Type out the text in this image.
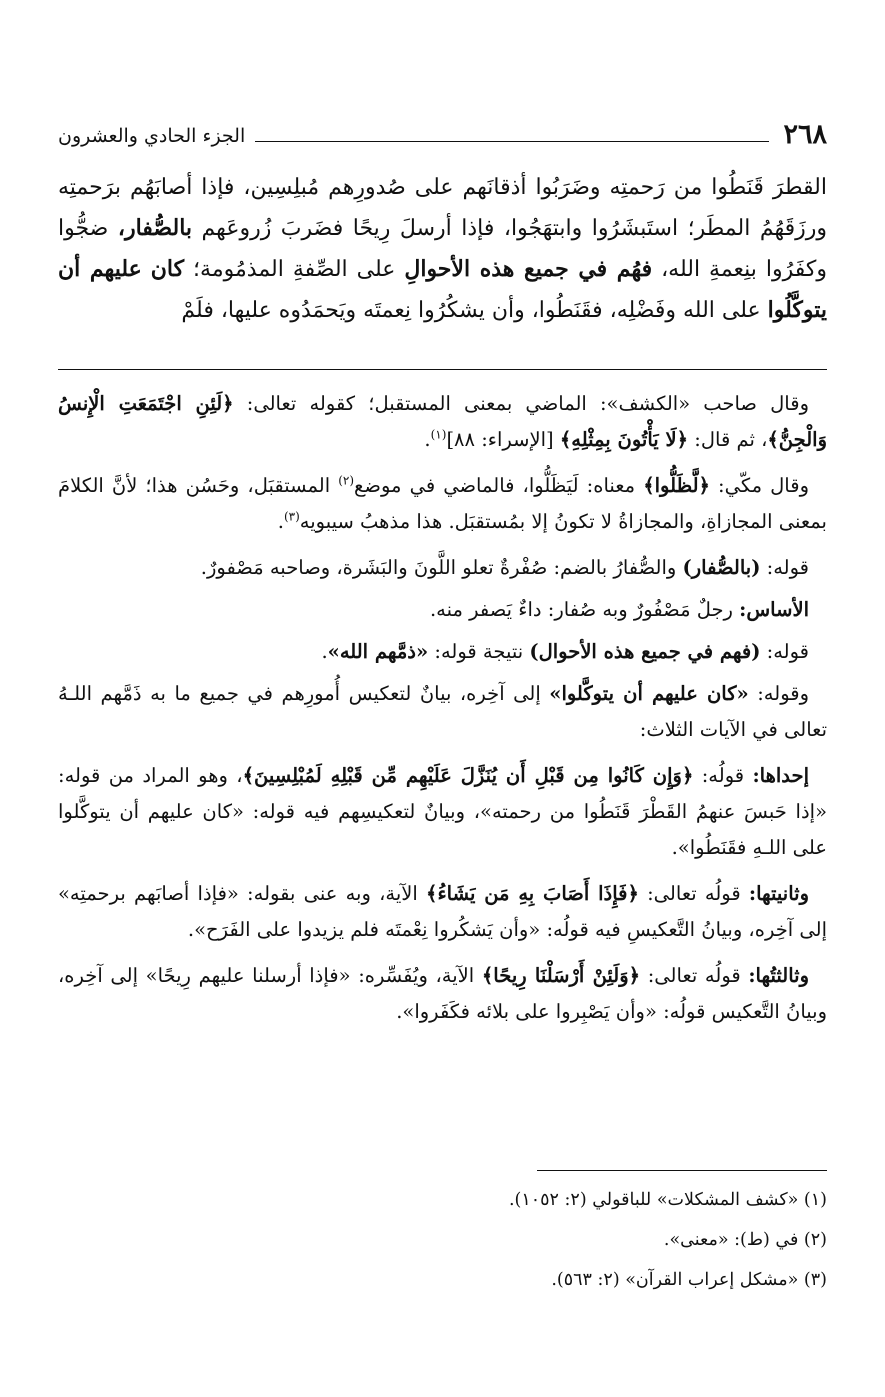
٢٦٨
الجزء الحادي والعشرون

القطرَ قَنَطُوا من رَحمتِه وضَرَبُوا أذقانَهم على صُدورِهم مُبلِسِين، فإذا أصابَهُم برَحمتِه ورزَقَهُمُ المطَر؛ استَبشَرُوا وابتهَجُوا، فإذا أرسلَ رِيحًا فضَربَ زُروعَهم بالصُّفار، ضجُّوا وكفَرُوا بنِعمةِ الله، فهُم في جميع هذه الأحوالِ على الصِّفةِ المذمُومة؛ كان عليهم أن يتوكَّلُوا على الله وفَضْلِه، فقَنَطُوا، وأن يشكُرُوا نِعمتَه ويَحمَدُوه عليها، فلَمْ

وقال صاحب «الكشف»: الماضي بمعنى المستقبل؛ كقوله تعالى: ﴿لَئِنِ اجْتَمَعَتِ الْإِنسُ وَالْجِنُّ﴾، ثم قال: ﴿لَا يَأْتُونَ بِمِثْلِهِ﴾ [الإسراء: ٨٨]$^{(١)}$.

وقال مكّي: ﴿لَّظَلُّوا﴾ معناه: لَيَظَلُّوا، فالماضي في موضع$^{(٢)}$ المستقبَل، وحَسُن هذا؛ لأنَّ الكلامَ بمعنى المجازاةِ، والمجازاةُ لا تكونُ إلا بمُستقبَل. هذا مذهبُ سيبويه$^{(٣)}$.

قوله: (بالصُّفار) والصُّفارُ بالضم: صُفْرةٌ تعلو اللَّونَ والبَشَرة، وصاحبه مَصْفورٌ.

الأساس: رجلٌ مَصْفُورٌ وبه صُفار: داءٌ يَصفر منه.

قوله: (فهم في جميع هذه الأحوال) نتيجة قوله: «ذمَّهم الله».

وقوله: «كان عليهم أن يتوكَّلوا» إلى آخِره، بيانٌ لتعكيس أُمورِهم في جميع ما به ذَمَّهم اللـهُ تعالى في الآيات الثلاث:

إحداها: قولُه: ﴿وَإِن كَانُوا مِن قَبْلِ أَن يُنَزَّلَ عَلَيْهِم مِّن قَبْلِهِ لَمُبْلِسِينَ﴾، وهو المراد من قوله: «إذا حَبسَ عنهمُ القَطْرَ قَنَطُوا من رحمته»، وبيانٌ لتعكيسِهم فيه قوله: «كان عليهم أن يتوكَّلوا على اللـهِ فقَنَطُوا».

وثانيتها: قولُه تعالى: ﴿فَإِذَا أَصَابَ بِهِ مَن يَشَاءُ﴾ الآية، وبه عنى بقوله: «فإذا أصابَهم برحمتِه» إلى آخِره، وبيانُ التَّعكيسِ فيه قولُه: «وأن يَشكُروا نِعْمتَه فلم يزيدوا على الفَرَح».

وثالثتُها: قولُه تعالى: ﴿وَلَئِنْ أَرْسَلْنَا رِيحًا﴾ الآية، ويُفَسِّره: «فإذا أرسلنا عليهم رِيحًا» إلى آخِره، وبيانُ التَّعكيس قولُه: «وأن يَصْبِروا على بلائه فكَفَروا».

(١) «كشف المشكلات» للباقولي (٢: ١٠٥٢).
(٢) في (ط): «معنى».
(٣) «مشكل إعراب القرآن» (٢: ٥٦٣).
